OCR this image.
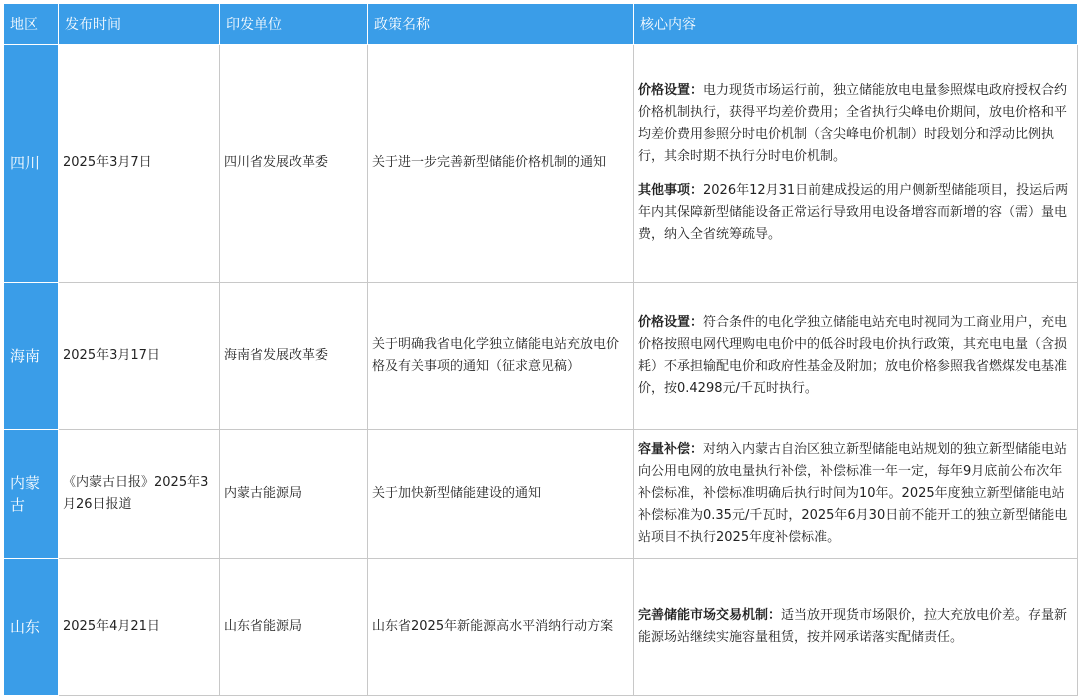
地区	发布时间	印发单位	政策名称	核心内容
四川	2025年3月7日	四川省发展改革委	关于进一步完善新型储能价格机制的通知	价格设置：电力现货市场运行前，独立储能放电电量参照煤电政府授权合约价格机制执行，获得平均差价费用；全省执行尖峰电价期间，放电价格和平均差价费用参照分时电价机制（含尖峰电价机制）时段划分和浮动比例执行，其余时期不执行分时电价机制。

其他事项：2026年12月31日前建成投运的用户侧新型储能项目，投运后两年内其保障新型储能设备正常运行导致用电设备增容而新增的容（需）量电费，纳入全省统筹疏导。

海南	2025年3月17日	海南省发展改革委	关于明确我省电化学独立储能电站充放电价格及有关事项的通知（征求意见稿）	价格设置：符合条件的电化学独立储能电站充电时视同为工商业用户，充电价格按照电网代理购电电价中的低谷时段电价执行政策，其充电电量（含损耗）不承担输配电价和政府性基金及附加；放电价格参照我省燃煤发电基准价，按0.4298元/千瓦时执行。

内蒙古	《内蒙古日报》2025年3月26日报道	内蒙古能源局	关于加快新型储能建设的通知	容量补偿：对纳入内蒙古自治区独立新型储能电站规划的独立新型储能电站向公用电网的放电量执行补偿，补偿标准一年一定，每年9月底前公布次年补偿标准，补偿标准明确后执行时间为10年。2025年度独立新型储能电站补偿标准为0.35元/千瓦时，2025年6月30日前不能开工的独立新型储能电站项目不执行2025年度补偿标准。

山东	2025年4月21日	山东省能源局	山东省2025年新能源高水平消纳行动方案	完善储能市场交易机制：适当放开现货市场限价，拉大充放电价差。存量新能源场站继续实施容量租赁，按并网承诺落实配储责任。
